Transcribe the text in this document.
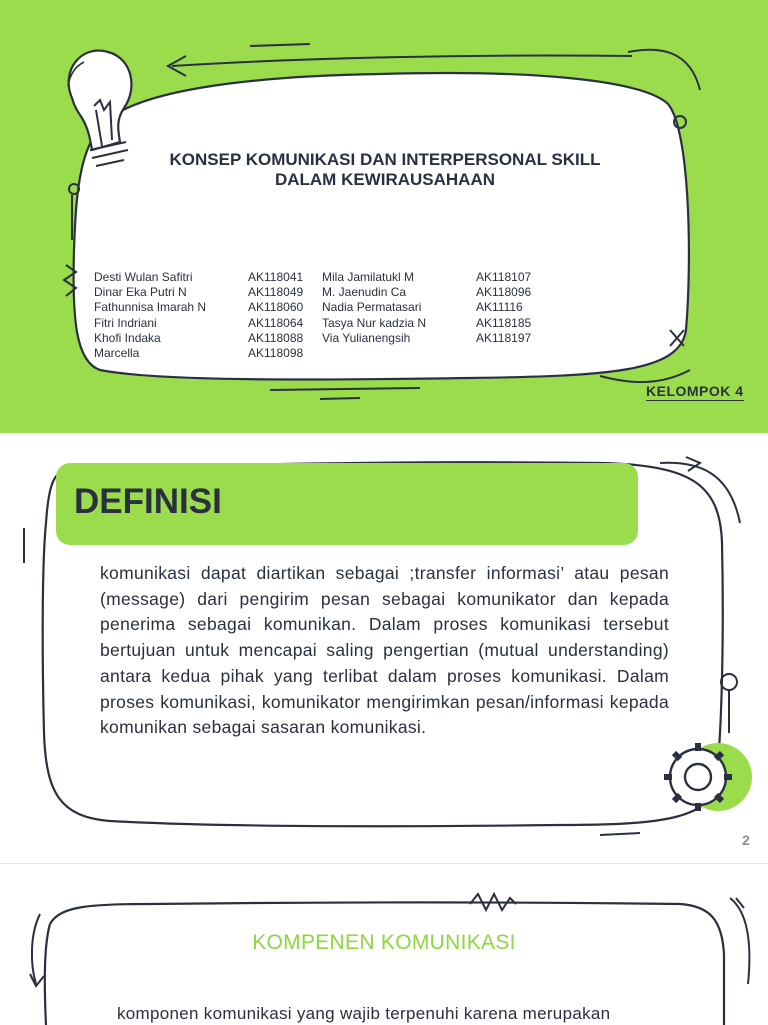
KONSEP KOMUNIKASI DAN INTERPERSONAL SKILL
DALAM KEWIRAUSAHAAN
Desti Wulan Safitri
Dinar Eka Putri N
Fathunnisa Imarah N
Fitri Indriani
Khofi Indaka
Marcella
AK118041
AK118049
AK118060
AK118064
AK118088
AK118098
Mila Jamilatukl M
M. Jaenudin Ca
Nadia Permatasari
Tasya Nur kadzia N
Via Yulianengsih
AK118107
AK118096
AK11116
AK118185
AK118197
KELOMPOK 4
DEFINISI
komunikasi dapat diartikan sebagai ;transfer informasi’ atau pesan (message) dari pengirim pesan sebagai komunikator dan kepada penerima sebagai komunikan. Dalam proses komunikasi tersebut bertujuan untuk mencapai saling pengertian (mutual understanding) antara kedua pihak yang terlibat dalam proses komunikasi. Dalam proses komunikasi, komunikator mengirimkan pesan/informasi kepada komunikan sebagai sasaran komunikasi.
2
KOMPENEN KOMUNIKASI
komponen komunikasi yang wajib terpenuhi karena merupakan
